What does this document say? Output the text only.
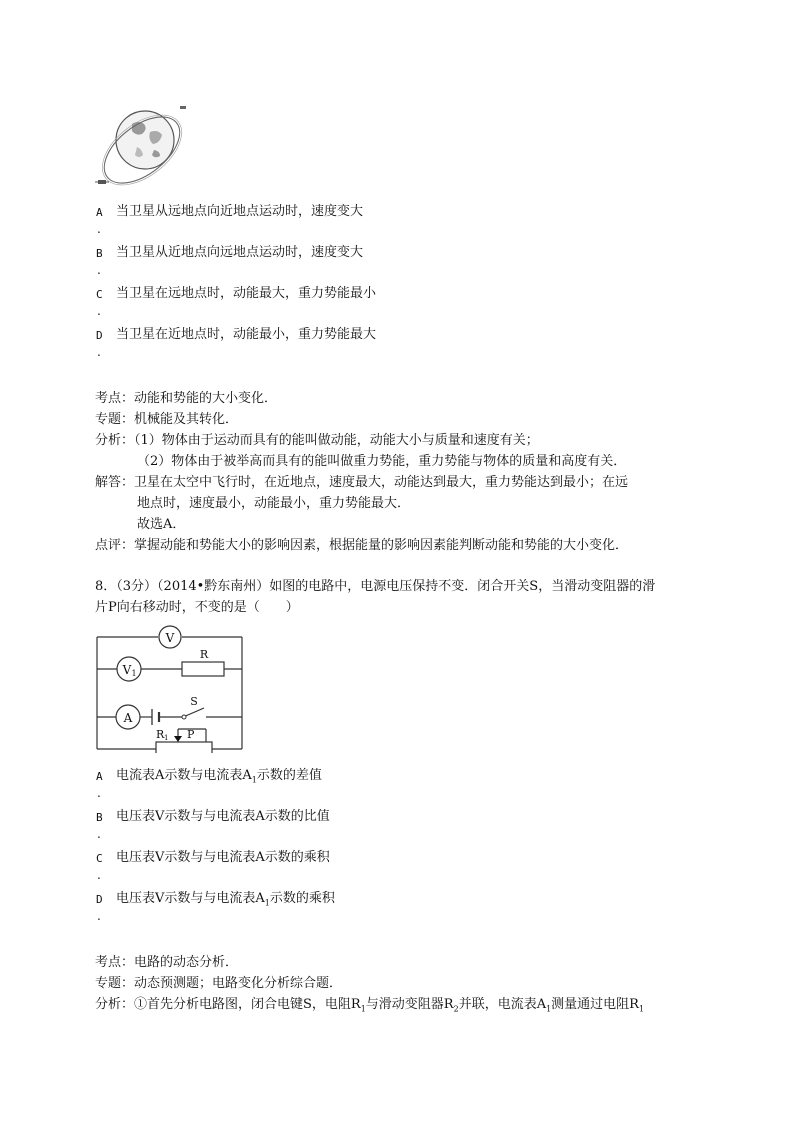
A 当卫星从远地点向近地点运动时，速度变大
.
B 当卫星从近地点向远地点运动时，速度变大
.
C 当卫星在远地点时，动能最大，重力势能最小
.
D 当卫星在近地点时，动能最小，重力势能最大
.
考点：动能和势能的大小变化．
专题：机械能及其转化．
分析：（1）物体由于运动而具有的能叫做动能，动能大小与质量和速度有关；
（2）物体由于被举高而具有的能叫做重力势能，重力势能与物体的质量和高度有关．
解答：卫星在太空中飞行时，在近地点，速度最大，动能达到最大，重力势能达到最小；在远
地点时，速度最小，动能最小，重力势能最大．
故选A．
点评：掌握动能和势能大小的影响因素，根据能量的影响因素能判断动能和势能的大小变化．
8．（3分）（2014•黔东南州）如图的电路中，电源电压保持不变．闭合开关S，当滑动变阻器的滑
片P向右移动时，不变的是（　　）
V
V 1
R
A
S
R 1 P
A 电流表A示数与电流表$A_1$示数的差值
.
B 电压表V示数与与电流表A示数的比值
.
C 电压表V示数与与电流表A示数的乘积
.
D 电压表V示数与与电流表$A_1$示数的乘积
.
考点：电路的动态分析．
专题：动态预测题；电路变化分析综合题．
分析：①首先分析电路图，闭合电键S，电阻$R_1$与滑动变阻器$R_2$并联，电流表$A_1$测量通过电阻$R_1$
